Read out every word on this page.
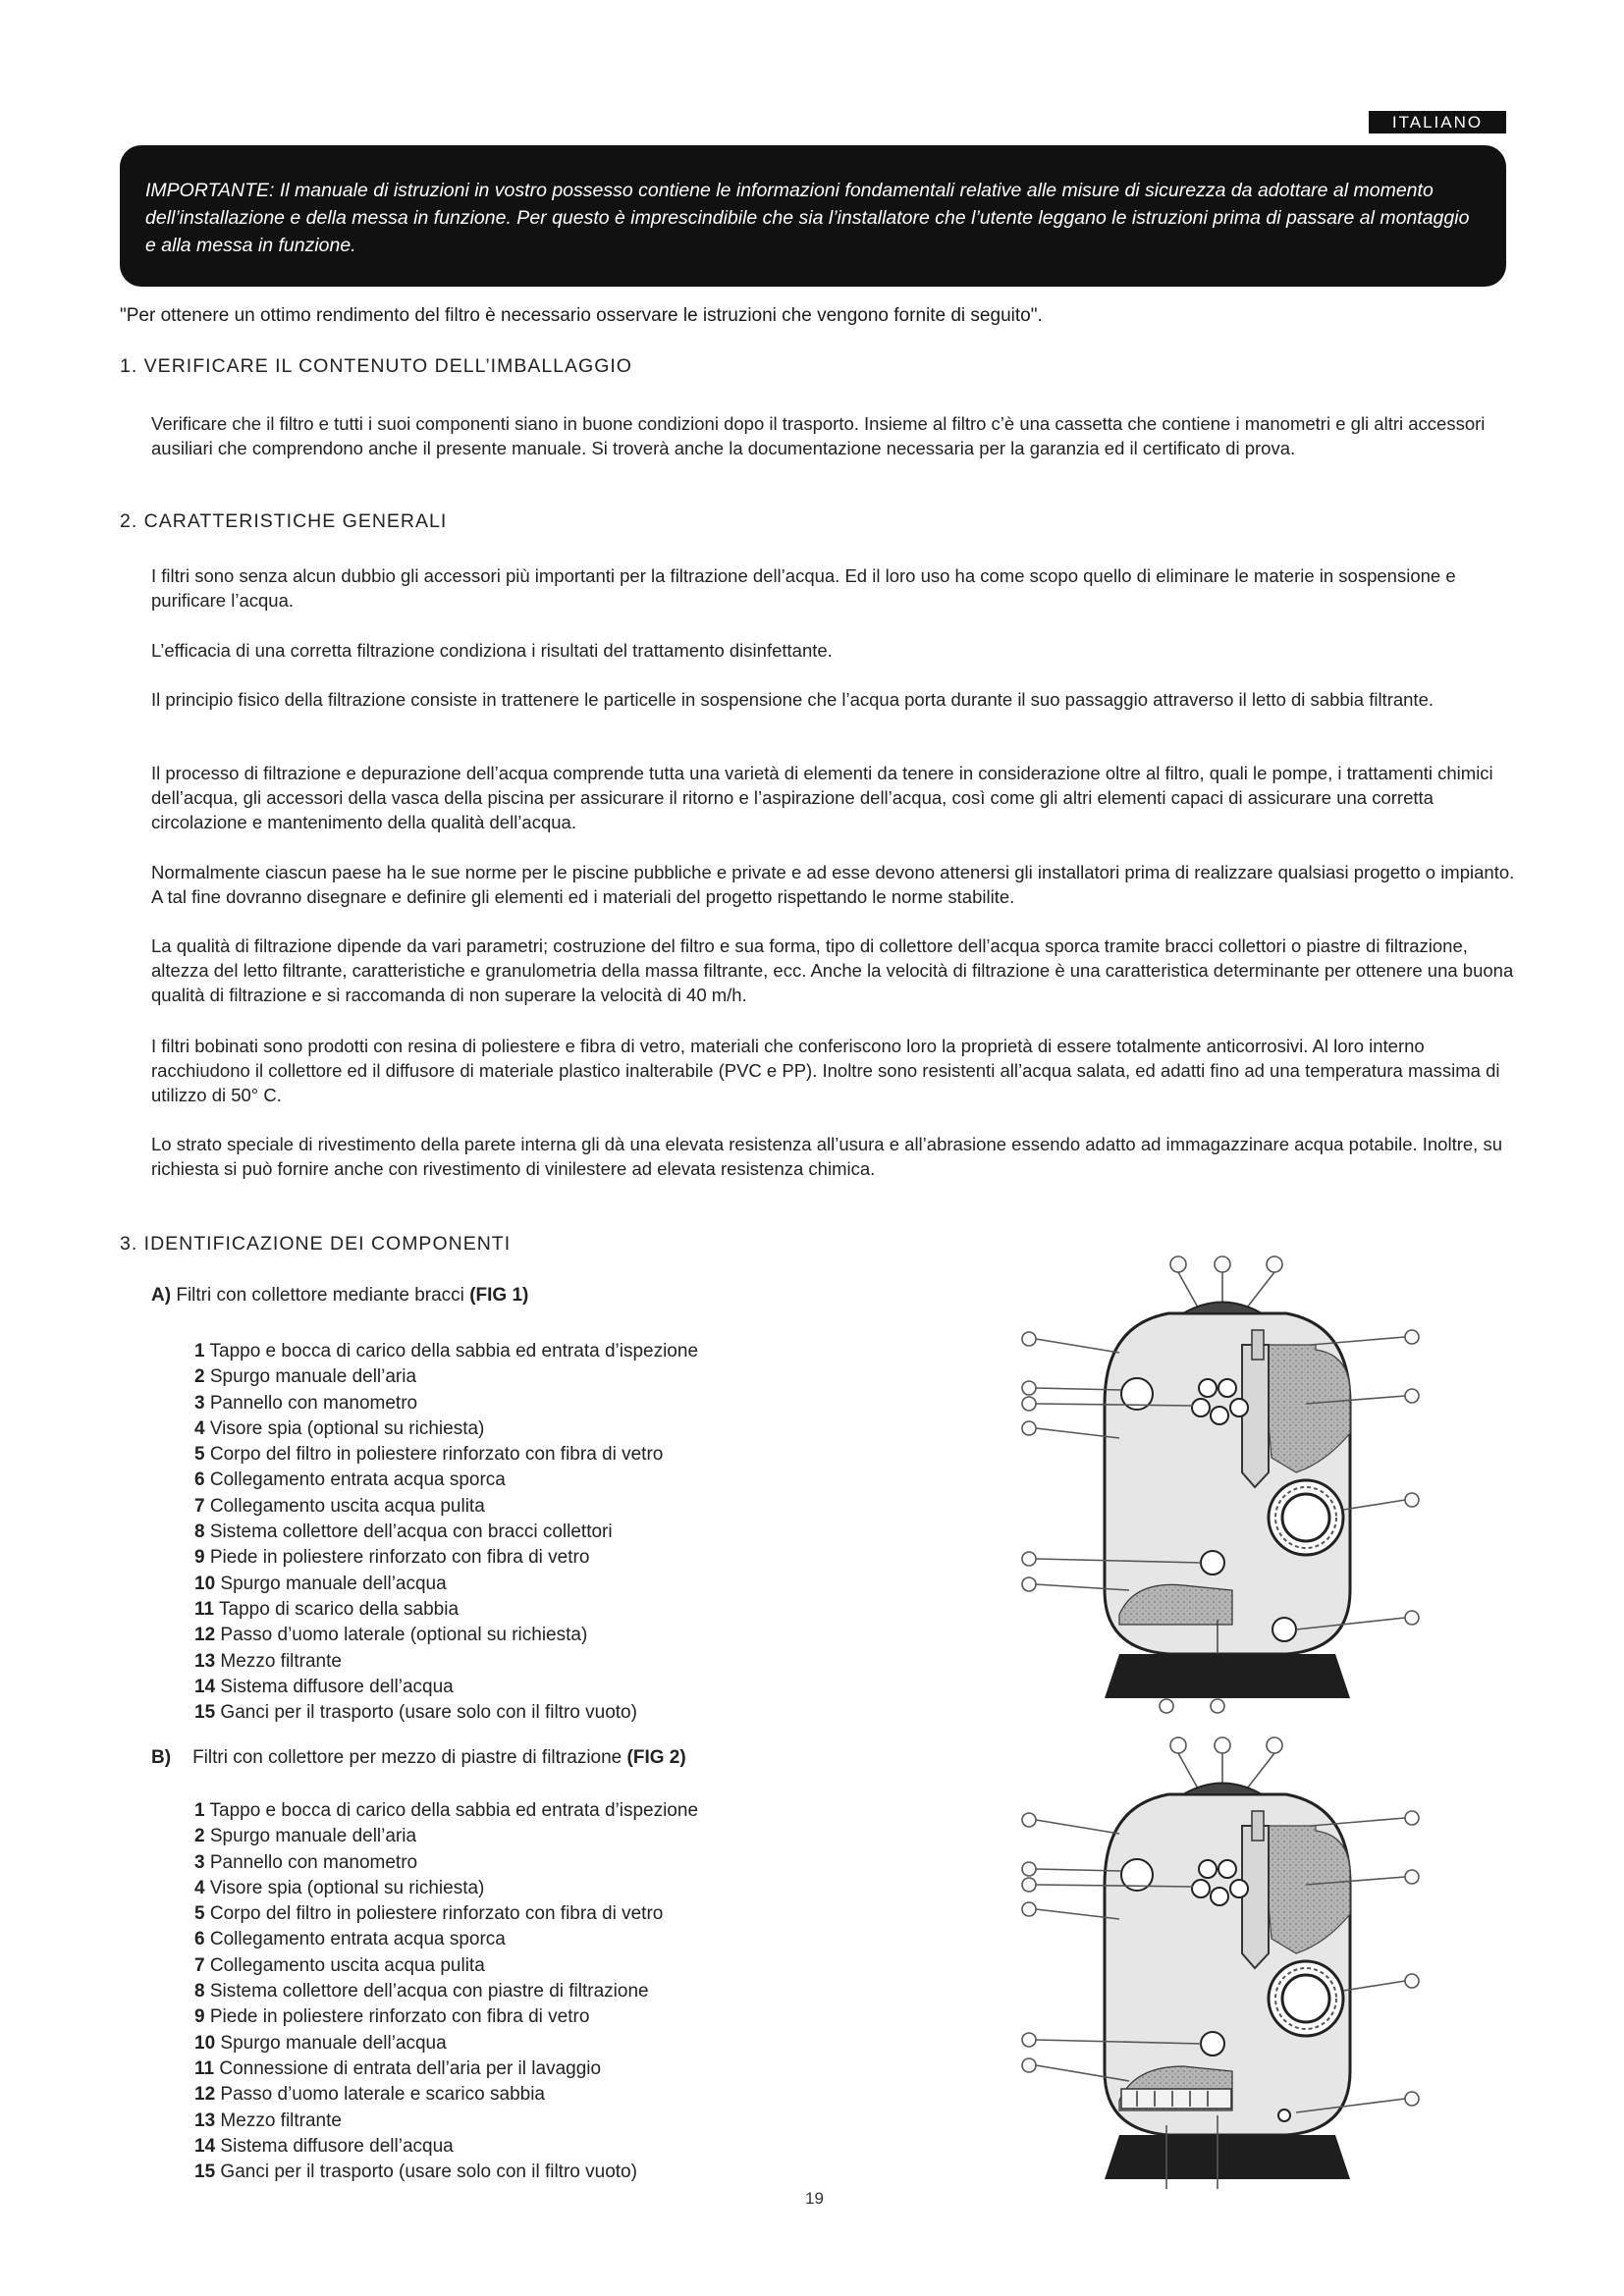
ITALIANO
IMPORTANTE: Il manuale di istruzioni in vostro possesso contiene le informazioni fondamentali relative alle misure di sicurezza da adottare al momento dell’installazione e della messa in funzione. Per questo è imprescindibile che sia l’installatore che l’utente leggano le istruzioni prima di passare al montaggio e alla messa in funzione.
"Per ottenere un ottimo rendimento del filtro è necessario osservare le istruzioni che vengono fornite di seguito".
1. VERIFICARE IL CONTENUTO DELL’IMBALLAGGIO
Verificare che il filtro e tutti i suoi componenti siano in buone condizioni dopo il trasporto. Insieme al filtro c’è una cassetta che contiene i manometri e gli altri accessori ausiliari che comprendono anche il presente manuale. Si troverà anche la documentazione necessaria per la garanzia ed il certificato di prova.
2. CARATTERISTICHE GENERALI
I filtri sono senza alcun dubbio gli accessori più importanti per la filtrazione dell’acqua. Ed il loro uso ha come scopo quello di eliminare le materie in sospensione e purificare l’acqua.
L’efficacia di una corretta filtrazione condiziona i risultati del trattamento disinfettante.
Il principio fisico della filtrazione consiste in trattenere le particelle in sospensione che l’acqua porta durante il suo passaggio attraverso il letto di sabbia filtrante.
Il processo di filtrazione e depurazione dell’acqua comprende tutta una varietà di elementi da tenere in considerazione oltre al filtro, quali le pompe, i trattamenti chimici dell’acqua, gli accessori della vasca della piscina per assicurare il ritorno e l’aspirazione dell’acqua, così come gli altri elementi capaci di assicurare una corretta circolazione e mantenimento della qualità dell’acqua.
Normalmente ciascun paese ha le sue norme per le piscine pubbliche e private e ad esse devono attenersi gli installatori prima di realizzare qualsiasi progetto o impianto. A tal fine dovranno disegnare e definire gli elementi ed i materiali del progetto rispettando le norme stabilite.
La qualità di filtrazione dipende da vari parametri; costruzione del filtro e sua forma, tipo di collettore dell’acqua sporca tramite bracci collettori o piastre di filtrazione, altezza del letto filtrante, caratteristiche e granulometria della massa filtrante, ecc. Anche la velocità di filtrazione è una caratteristica determinante per ottenere una buona qualità di filtrazione e si raccomanda di non superare la velocità di 40 m/h.
I filtri bobinati sono prodotti con resina di poliestere e fibra di vetro, materiali che conferiscono loro la proprietà di essere totalmente anticorrosivi. Al loro interno racchiudono il collettore ed il diffusore di materiale plastico inalterabile (PVC e PP). Inoltre sono resistenti all’acqua salata, ed adatti fino ad una temperatura massima di utilizzo di 50° C.
Lo strato speciale di rivestimento della parete interna gli dà una elevata resistenza all’usura e all’abrasione essendo adatto ad immagazzinare acqua potabile. Inoltre, su richiesta si può fornire anche con rivestimento di vinilestere ad elevata resistenza chimica.
3. IDENTIFICAZIONE DEI COMPONENTI
A) Filtri con collettore mediante bracci (FIG 1)
1 Tappo e bocca di carico della sabbia ed entrata d’ispezione
2 Spurgo manuale dell’aria
3 Pannello con manometro
4 Visore spia (optional su richiesta)
5 Corpo del filtro in poliestere rinforzato con fibra di vetro
6 Collegamento entrata acqua sporca
7 Collegamento uscita acqua pulita
8 Sistema collettore dell’acqua con bracci collettori
9 Piede in poliestere rinforzato con fibra di vetro
10 Spurgo manuale dell’acqua
11 Tappo di scarico della sabbia
12 Passo d’uomo laterale (optional su richiesta)
13 Mezzo filtrante
14 Sistema diffusore dell’acqua
15 Ganci per il trasporto (usare solo con il filtro vuoto)
B) Filtri con collettore per mezzo di piastre di filtrazione (FIG 2)
1 Tappo e bocca di carico della sabbia ed entrata d’ispezione
2 Spurgo manuale dell’aria
3 Pannello con manometro
4 Visore spia (optional su richiesta)
5 Corpo del filtro in poliestere rinforzato con fibra di vetro
6 Collegamento entrata acqua sporca
7 Collegamento uscita acqua pulita
8 Sistema collettore dell’acqua con piastre di filtrazione
9 Piede in poliestere rinforzato con fibra di vetro
10 Spurgo manuale dell’acqua
11 Connessione di entrata dell’aria per il lavaggio
12 Passo d’uomo laterale e scarico sabbia
13 Mezzo filtrante
14 Sistema diffusore dell’acqua
15 Ganci per il trasporto (usare solo con il filtro vuoto)
19
